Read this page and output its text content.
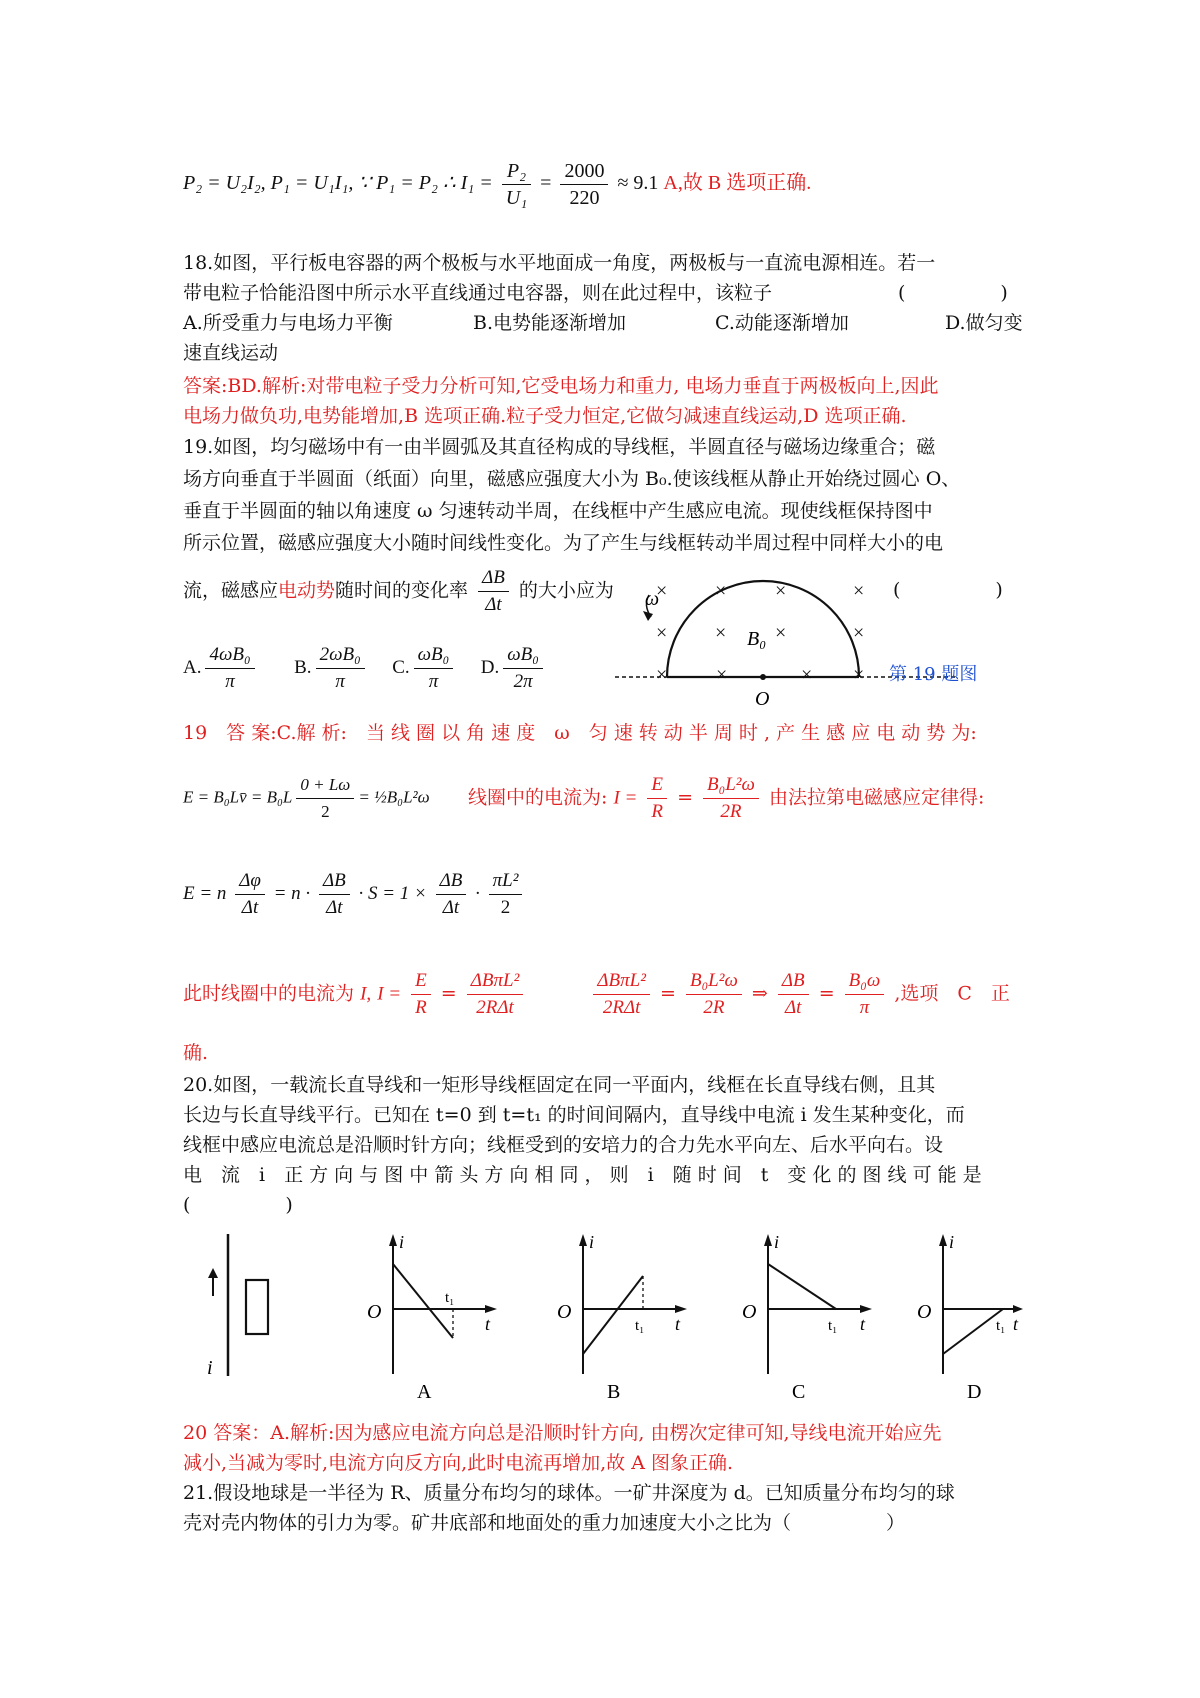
P₂ = U₂I₂, P₁ = U₁I₁, ∵ P₁ = P₂ ∴ $I_1 = \frac{\text{P₂}}{\text{U₁}} = \frac{2000}{220} \approx 9.1$ A,故 B 选项正确.
18.如图，平行板电容器的两个极板与水平地面成一角度，两极板与一直流电源相连。若一
带电粒子恰能沿图中所示水平直线通过电容器，则在此过程中，该粒子	(　　　　　)
A.所受重力与电场力平衡	B.电势能逐渐增加	C.动能逐渐增加	D.做匀变
速直线运动
答案:BD.解析:对带电粒子受力分析可知,它受电场力和重力, 电场力垂直于两极板向上,因此
电场力做负功,电势能增加,B 选项正确.粒子受力恒定,它做匀减速直线运动,D 选项正确.
19.如图，均匀磁场中有一由半圆弧及其直径构成的导线框，半圆直径与磁场边缘重合；磁
场方向垂直于半圆面（纸面）向里，磁感应强度大小为 B₀.使该线框从静止开始绕过圆心 O、
垂直于半圆面的轴以角速度 ω 匀速转动半周，在线框中产生感应电流。现使线框保持图中
所示位置，磁感应强度大小随时间线性变化。为了产生与线框转动半周过程中同样大小的电
流，磁感应电动势随时间的变化率 $\frac{\Delta B}{\Delta t}$ 的大小应为	(　　　　　)
A. $\frac{\text{4ωB₀}}{\pi} B$. $\frac{\text{2ωB₀}}{\pi} C$. $\frac{\text{ωB₀}}{\pi} D$. $\frac{\text{ωB₀}}{2\pi}$
× × ×	×
× ×	×
×
×
×
×	×
ω
B₀
O
第 19 题图
19　答 案:C.解 析:　当 线 圈 以 角 速 度　ω　匀 速 转 动 半 周 时 , 产 生 感 应 电 动 势 为:
E = B₀Lv̄ = $B_0L \frac{0 + L\omega}{2}$ = ½B₀L²ω 线圈中的电流为: $I = \frac{E}{R} = \frac{\text{B₀L²ω}}{2R}$ 由法拉第电磁感应定律得:
E = n $\frac{\Delta\varphi}{\Delta t} = n \cdot \frac{\Delta B}{\Delta t} \cdot S = 1 \times \frac{\Delta B}{\Delta t} \cdot \frac{\text{πL²}}{2}$
此时线圈中的电流为 I, $I = \frac{E}{R} = \frac{\text{ΔBπL²}}{\text{2RΔt}}$
	$\frac{\text{ΔBπL²}}{\text{2RΔt}} = \frac{\text{B₀L²ω}}{2R}$ ⇒ $\frac{\Delta B}{\Delta t} = \frac{\text{B₀ω}}{\pi}$ ,选项　C　正
确.
20.如图，一载流长直导线和一矩形导线框固定在同一平面内，线框在长直导线右侧，且其
长边与长直导线平行。已知在 t=0 到 t=t₁ 的时间间隔内，直导线中电流 i 发生某种变化，而
线框中感应电流总是沿顺时针方向；线框受到的安培力的合力先水平向左、后水平向右。设
电　流　i　正 方 向 与 图 中 箭 头 方 向 相 同 ， 则　i　随 时 间　t　变 化 的 图 线 可 能 是
(　　　　　)
i
i
O
t₁
t
A
i
O
t₁ t
B
i
O
t₁ t
C
i
O
t₁ t
D
20 答案：A.解析:因为感应电流方向总是沿顺时针方向, 由楞次定律可知,导线电流开始应先
减小,当减为零时,电流方向反方向,此时电流再增加,故 A 图象正确.
21.假设地球是一半径为 R、质量分布均匀的球体。一矿井深度为 d。已知质量分布均匀的球
壳对壳内物体的引力为零。矿井底部和地面处的重力加速度大小之比为（　　　　　）
